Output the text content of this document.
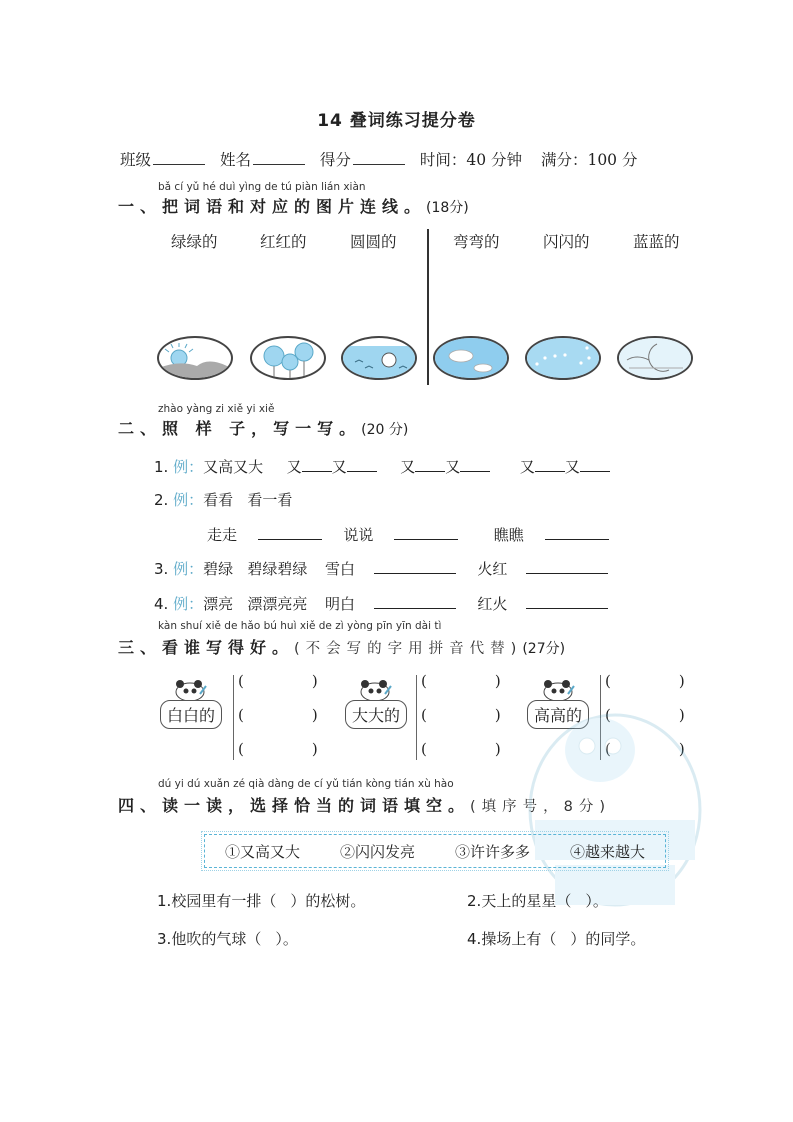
14 叠词练习提分卷
班级	姓名	得分	时间：40 分钟 满分：100 分
bǎ cí yǔ hé duì yìng de tú piàn lián xiàn
一、把词语和对应的图片连线。(18分)
绿绿的	红红的	圆圆的	弯弯的	闪闪的	蓝蓝的
zhào yàng zi xiě yi xiě
二、照 样 子，写一写。(20 分)
1. 例：又高又大 又 又	又 又	又 又
2. 例：看看   看一看
走走	说说	瞧瞧
3. 例：碧绿   碧绿碧绿 雪白	火红
4. 例：漂亮   漂漂亮亮 明白	红火
kàn shuí xiě de hǎo bú huì xiě de zì yòng pīn yīn dài tì
三、看谁写得好。(不会写的字用拼音代替)(27分)
白白的
(	)
(	)
(	)
大大的
(	)
(	)
(	)
高高的
(	)
(	)
(	)
dú yi dú xuǎn zé qià dàng de cí yǔ tián kòng tián xù hào
四、读一读，选择恰当的词语填空。(填序号，8分)
①又高又大	②闪闪发亮	③许许多多	④越来越大
1.校园里有一排（ ）的松树。	2.天上的星星（ ）。
3.他吹的气球（ ）。	4.操场上有（ ）的同学。
